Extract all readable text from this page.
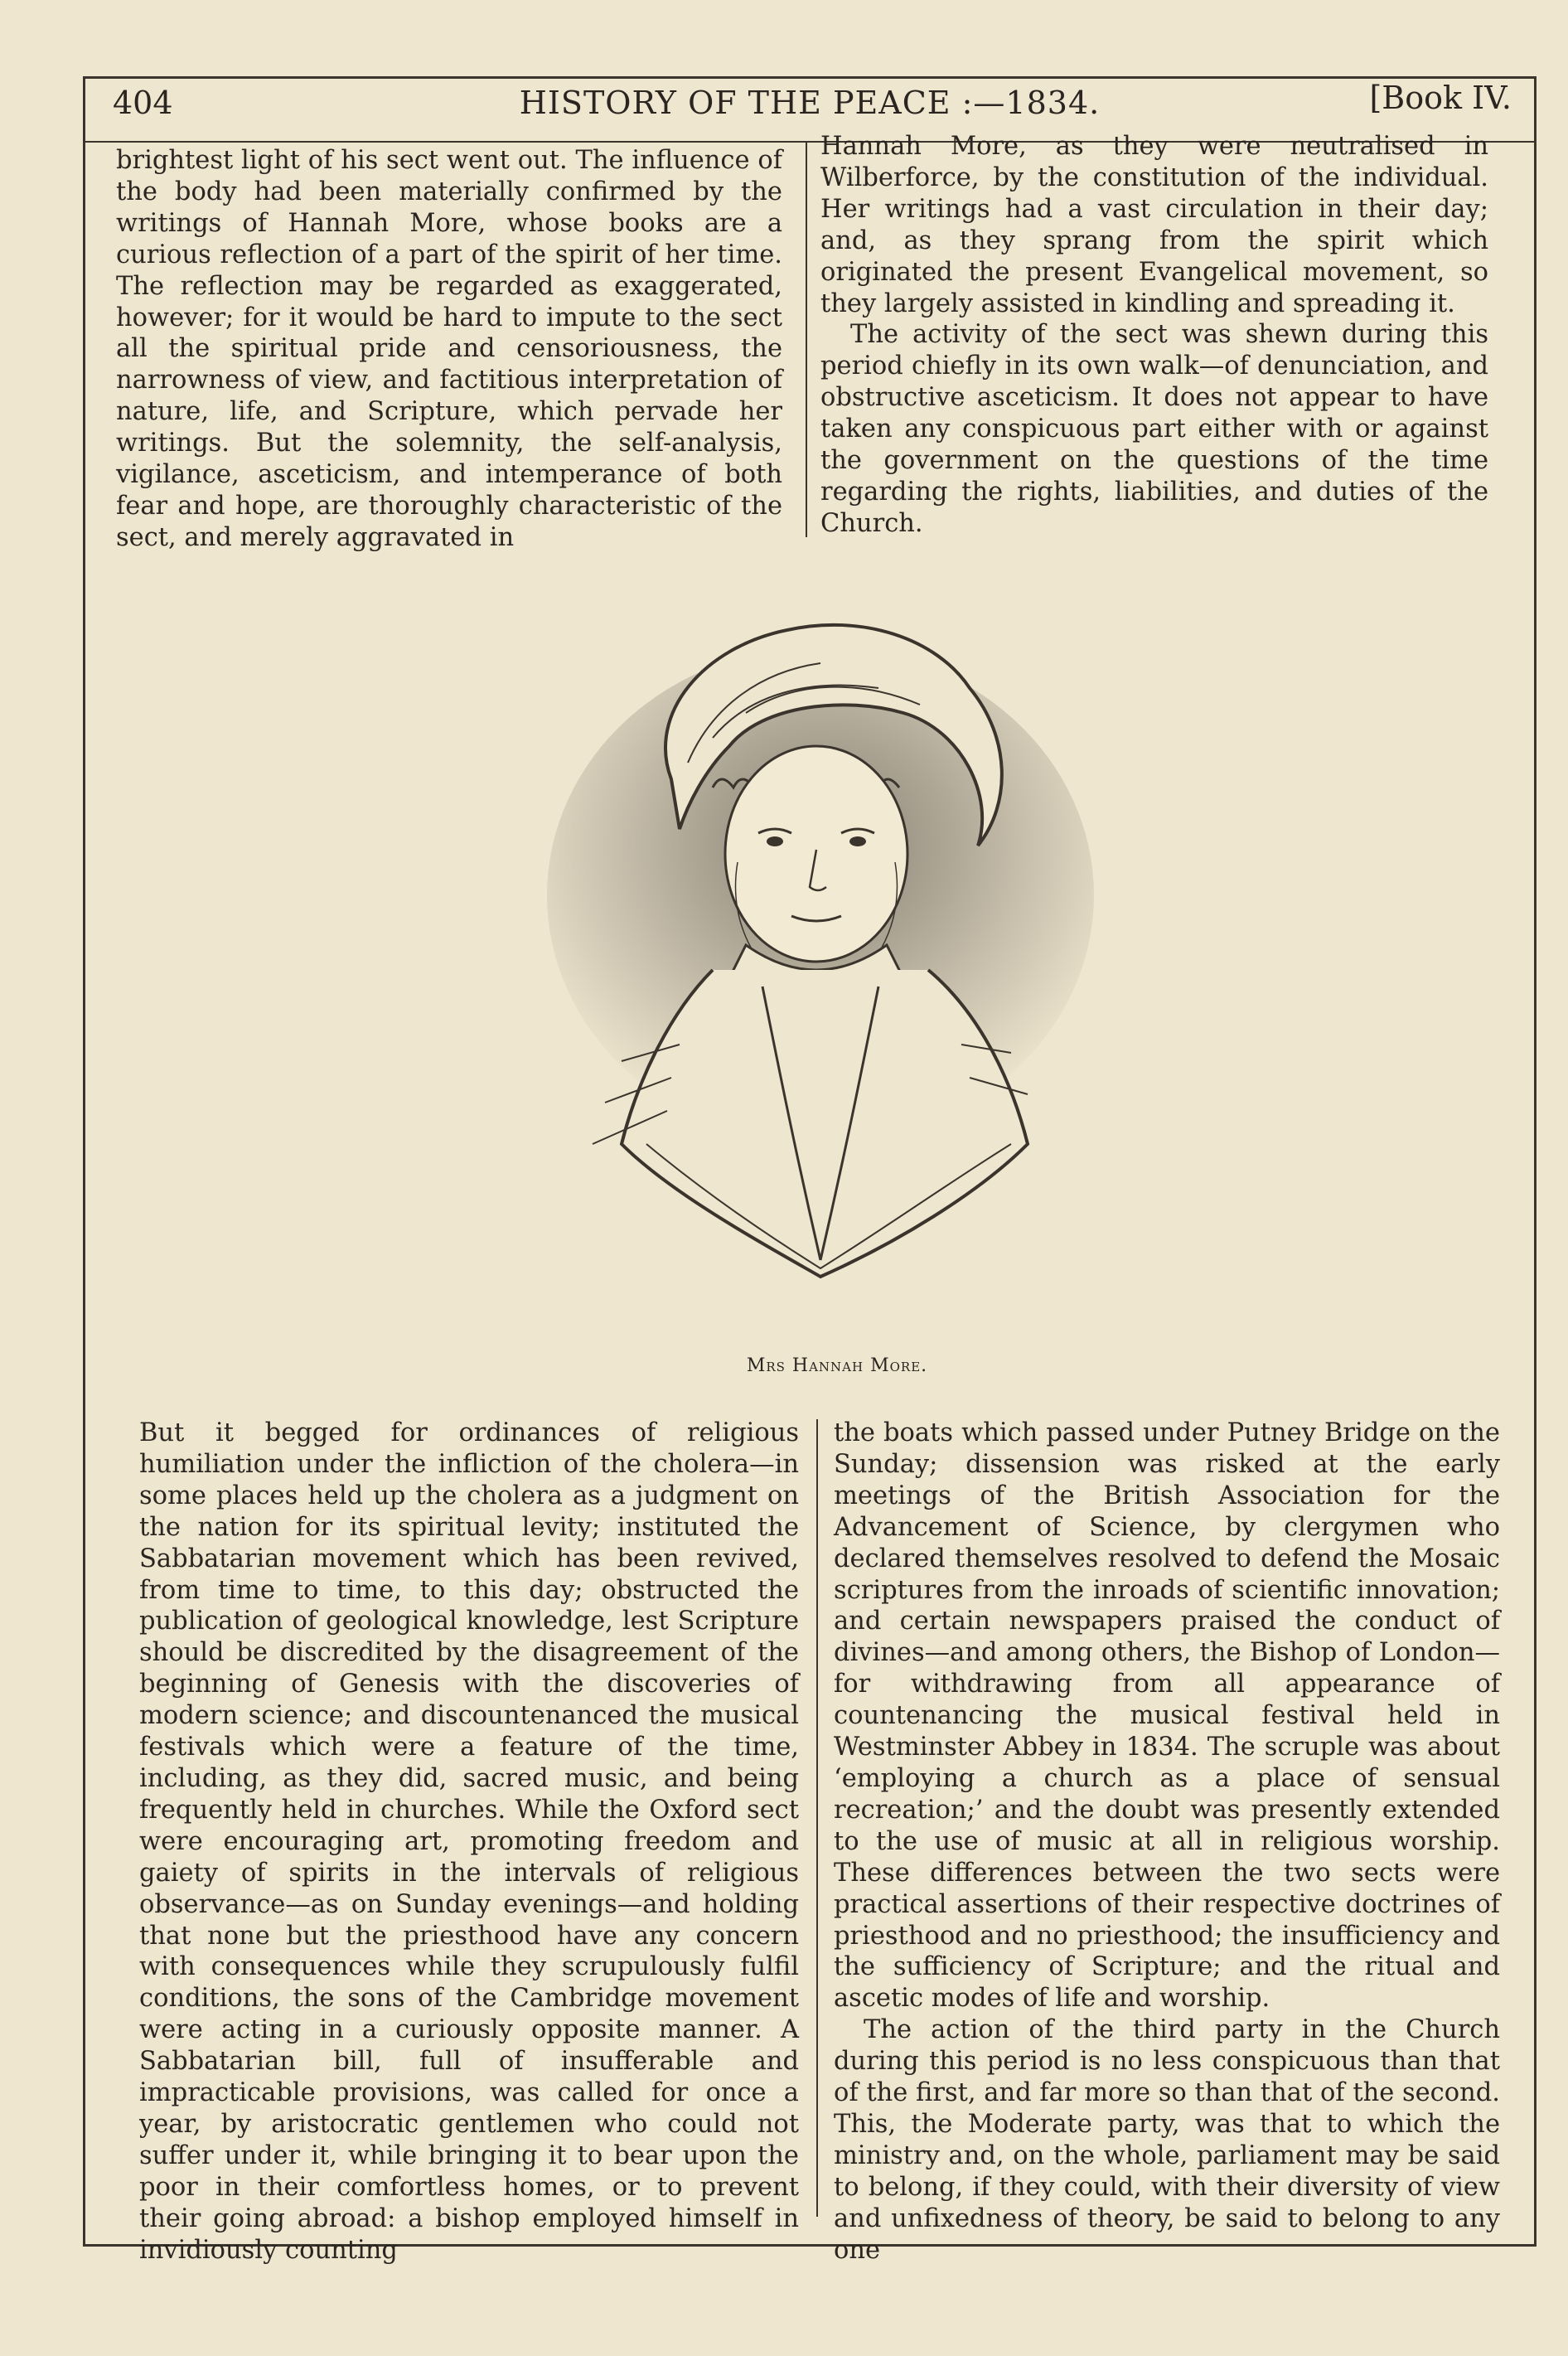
404	HISTORY OF THE PEACE :—1834.	[Book IV.

brightest light of his sect went out. The influence of the body had been materially confirmed by the writings of Hannah More, whose books are a curious reflection of a part of the spirit of her time. The reflection may be regarded as exaggerated, however; for it would be hard to impute to the sect all the spiritual pride and censoriousness, the narrowness of view, and factitious interpretation of nature, life, and Scripture, which pervade her writings. But the solemnity, the self-analysis, vigilance, asceticism, and intemperance of both fear and hope, are thoroughly characteristic of the sect, and merely aggravated in

Hannah More, as they were neutralised in Wilberforce, by the constitution of the individual. Her writings had a vast circulation in their day; and, as they sprang from the spirit which originated the present Evangelical movement, so they largely assisted in kindling and spreading it.

The activity of the sect was shewn during this period chiefly in its own walk—of denunciation, and obstructive asceticism. It does not appear to have taken any conspicuous part either with or against the government on the questions of the time regarding the rights, liabilities, and duties of the Church.

Mrs Hannah More.

But it begged for ordinances of religious humiliation under the infliction of the cholera—in some places held up the cholera as a judgment on the nation for its spiritual levity; instituted the Sabbatarian movement which has been revived, from time to time, to this day; obstructed the publication of geological knowledge, lest Scripture should be discredited by the disagreement of the beginning of Genesis with the discoveries of modern science; and discountenanced the musical festivals which were a feature of the time, including, as they did, sacred music, and being frequently held in churches. While the Oxford sect were encouraging art, promoting freedom and gaiety of spirits in the intervals of religious observance—as on Sunday evenings—and holding that none but the priesthood have any concern with consequences while they scrupulously fulfil conditions, the sons of the Cambridge movement were acting in a curiously opposite manner. A Sabbatarian bill, full of insufferable and impracticable provisions, was called for once a year, by aristocratic gentlemen who could not suffer under it, while bringing it to bear upon the poor in their comfortless homes, or to prevent their going abroad: a bishop employed himself in invidiously counting

the boats which passed under Putney Bridge on the Sunday; dissension was risked at the early meetings of the British Association for the Advancement of Science, by clergymen who declared themselves resolved to defend the Mosaic scriptures from the inroads of scientific innovation; and certain newspapers praised the conduct of divines—and among others, the Bishop of London—for withdrawing from all appearance of countenancing the musical festival held in Westminster Abbey in 1834. The scruple was about ‘employing a church as a place of sensual recreation;’ and the doubt was presently extended to the use of music at all in religious worship. These differences between the two sects were practical assertions of their respective doctrines of priesthood and no priesthood; the insufficiency and the sufficiency of Scripture; and the ritual and ascetic modes of life and worship.

The action of the third party in the Church during this period is no less conspicuous than that of the first, and far more so than that of the second. This, the Moderate party, was that to which the ministry and, on the whole, parliament may be said to belong, if they could, with their diversity of view and unfixedness of theory, be said to belong to any one
